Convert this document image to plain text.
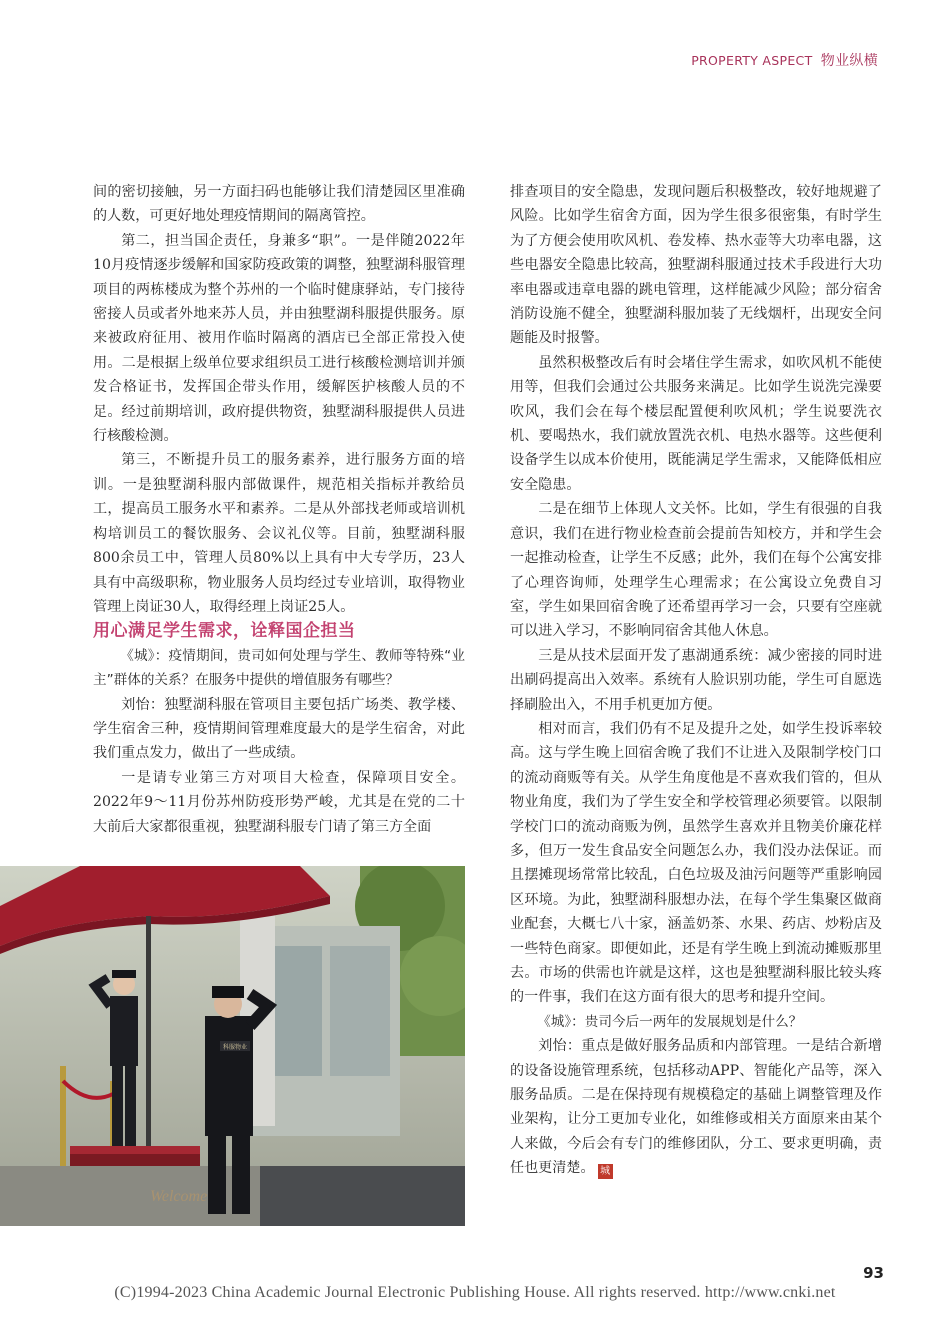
PROPERTY ASPECT 物业纵横

间的密切接触，另一方面扫码也能够让我们清楚园区里准确的人数，可更好地处理疫情期间的隔离管控。

第二，担当国企责任，身兼多“职”。一是伴随2022年10月疫情逐步缓解和国家防疫政策的调整，独墅湖科服管理项目的两栋楼成为整个苏州的一个临时健康驿站，专门接待密接人员或者外地来苏人员，并由独墅湖科服提供服务。原来被政府征用、被用作临时隔离的酒店已全部正常投入使用。二是根据上级单位要求组织员工进行核酸检测培训并颁发合格证书，发挥国企带头作用，缓解医护核酸人员的不足。经过前期培训，政府提供物资，独墅湖科服提供人员进行核酸检测。

第三，不断提升员工的服务素养，进行服务方面的培训。一是独墅湖科服内部做课件，规范相关指标并教给员工，提高员工服务水平和素养。二是从外部找老师或培训机构培训员工的餐饮服务、会议礼仪等。目前，独墅湖科服800余员工中，管理人员80%以上具有中大专学历，23人具有中高级职称，物业服务人员均经过专业培训，取得物业管理上岗证30人，取得经理上岗证25人。

用心满足学生需求，诠释国企担当

《城》：疫情期间，贵司如何处理与学生、教师等特殊“业主”群体的关系？在服务中提供的增值服务有哪些？

刘怡：独墅湖科服在管项目主要包括广场类、教学楼、学生宿舍三种，疫情期间管理难度最大的是学生宿舍，对此我们重点发力，做出了一些成绩。

一是请专业第三方对项目大检查，保障项目安全。2022年9～11月份苏州防疫形势严峻，尤其是在党的二十大前后大家都很重视，独墅湖科服专门请了第三方全面

排查项目的安全隐患，发现问题后积极整改，较好地规避了风险。比如学生宿舍方面，因为学生很多很密集，有时学生为了方便会使用吹风机、卷发棒、热水壶等大功率电器，这些电器安全隐患比较高，独墅湖科服通过技术手段进行大功率电器或违章电器的跳电管理，这样能减少风险；部分宿舍消防设施不健全，独墅湖科服加装了无线烟杆，出现安全问题能及时报警。

虽然积极整改后有时会堵住学生需求，如吹风机不能使用等，但我们会通过公共服务来满足。比如学生说洗完澡要吹风，我们会在每个楼层配置便利吹风机；学生说要洗衣机、要喝热水，我们就放置洗衣机、电热水器等。这些便利设备学生以成本价使用，既能满足学生需求，又能降低相应安全隐患。

二是在细节上体现人文关怀。比如，学生有很强的自我意识，我们在进行物业检查前会提前告知校方，并和学生会一起推动检查，让学生不反感；此外，我们在每个公寓安排了心理咨询师，处理学生心理需求；在公寓设立免费自习室，学生如果回宿舍晚了还希望再学习一会，只要有空座就可以进入学习，不影响同宿舍其他人休息。

三是从技术层面开发了惠湖通系统：减少密接的同时进出刷码提高出入效率。系统有人脸识别功能，学生可自愿选择刷脸出入，不用手机更加方便。

相对而言，我们仍有不足及提升之处，如学生投诉率较高。这与学生晚上回宿舍晚了我们不让进入及限制学校门口的流动商贩等有关。从学生角度他是不喜欢我们管的，但从物业角度，我们为了学生安全和学校管理必须要管。以限制学校门口的流动商贩为例，虽然学生喜欢并且物美价廉花样多，但万一发生食品安全问题怎么办，我们没办法保证。而且摆摊现场常常比较乱，白色垃圾及油污问题等严重影响园区环境。为此，独墅湖科服想办法，在每个学生集聚区做商业配套，大概七八十家，涵盖奶茶、水果、药店、炒粉店及一些特色商家。即便如此，还是有学生晚上到流动摊贩那里去。市场的供需也许就是这样，这也是独墅湖科服比较头疼的一件事，我们在这方面有很大的思考和提升空间。

《城》：贵司今后一两年的发展规划是什么？

刘怡：重点是做好服务品质和内部管理。一是结合新增的设备设施管理系统，包括移动APP、智能化产品等，深入服务品质。二是在保持现有规模稳定的基础上调整管理及作业架构，让分工更加专业化，如维修或相关方面原来由某个人来做，今后会有专门的维修团队，分工、要求更明确，责任也更清楚。 城

Welcome
科服物业
93
(C)1994-2023 China Academic Journal Electronic Publishing House. All rights reserved. http://www.cnki.net
